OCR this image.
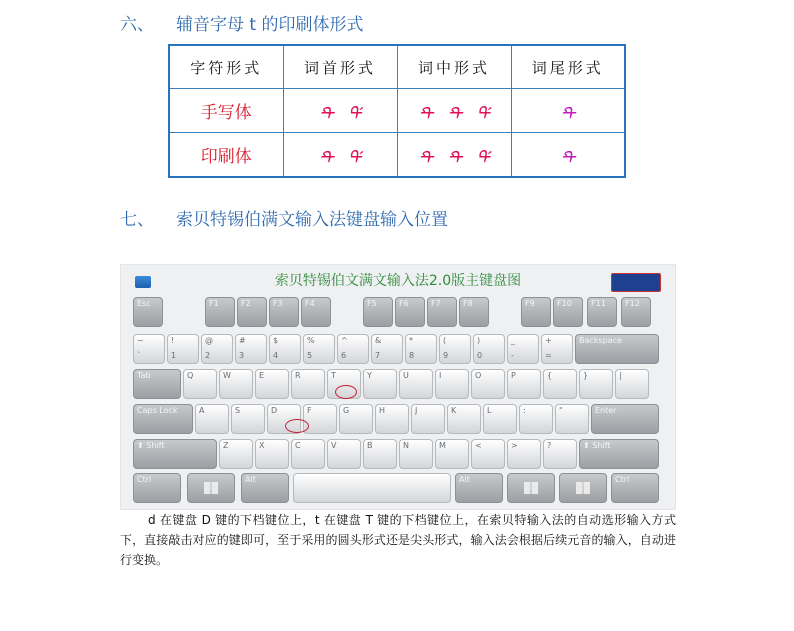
六、 辅音字母 t 的印刷体形式
字符形式	词首形式	词中形式	词尾形式
手写体	ᡨ ᡩ	ᡨ ᡨ ᡩ	ᡨ
印刷体	ᡨ ᡩ	ᡨ ᡨ ᡩ	ᡨ
七、 索贝特锡伯满文输入法键盘输入位置
索贝特锡伯文满文输入法2.0版主键盘图
Esc	F1	F2	F3	F4	F5	F6	F7	F8	F9	F10	F11	F12
~
`
!
1
@
2
#
3
$
4
%
5
^
6
&
7
*
8
(
9
)
0
_
-
+
=
Backspace
Tab	Q	W	E	R	T	Y	U	I	O	P	{	}	|
Caps Lock	A	S	D	F	G	H	J	K	L	:	"	Enter
⬆ Shift	Z	X	C	V	B	N	M	<	>	?	⬆ Shift
Ctrl	Alt	Alt	Ctrl
d 在键盘 D 键的下档键位上，t 在键盘 T 键的下档键位上，在索贝特输入法的自动选形输入方式下，直接敲击对应的键即可，至于采用的圆头形式还是尖头形式，输入法会根据后续元音的输入，自动进行变换。
